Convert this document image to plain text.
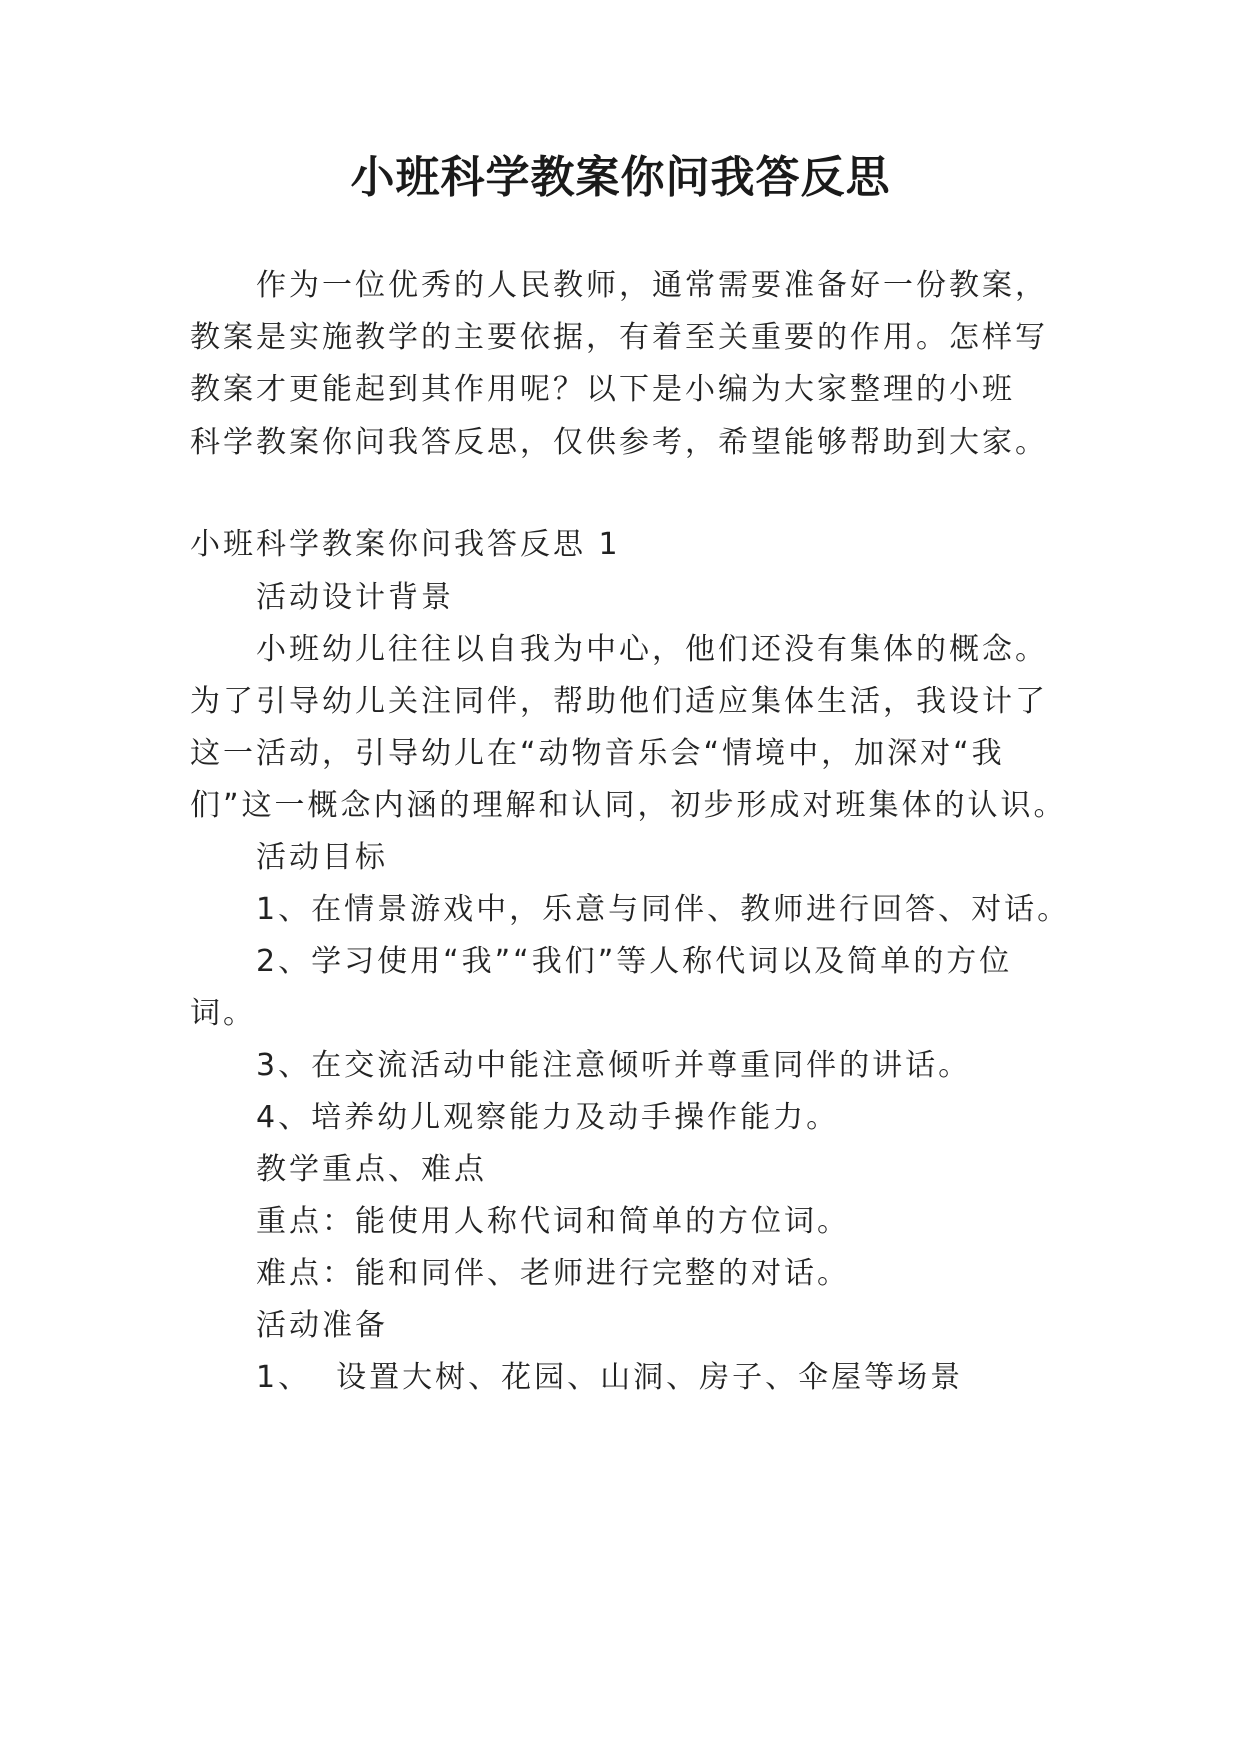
小班科学教案你问我答反思
作为一位优秀的人民教师，通常需要准备好一份教案，
教案是实施教学的主要依据，有着至关重要的作用。怎样写
教案才更能起到其作用呢？以下是小编为大家整理的小班
科学教案你问我答反思，仅供参考，希望能够帮助到大家。
小班科学教案你问我答反思 1
活动设计背景
小班幼儿往往以自我为中心，他们还没有集体的概念。
为了引导幼儿关注同伴，帮助他们适应集体生活，我设计了
这一活动，引导幼儿在“动物音乐会“情境中，加深对“我
们”这一概念内涵的理解和认同，初步形成对班集体的认识。
活动目标
1、在情景游戏中，乐意与同伴、教师进行回答、对话。
2、学习使用“我”“我们”等人称代词以及简单的方位
词。
3、在交流活动中能注意倾听并尊重同伴的讲话。
4、培养幼儿观察能力及动手操作能力。
教学重点、难点
重点：能使用人称代词和简单的方位词。
难点：能和同伴、老师进行完整的对话。
活动准备
1、  设置大树、花园、山洞、房子、伞屋等场景
